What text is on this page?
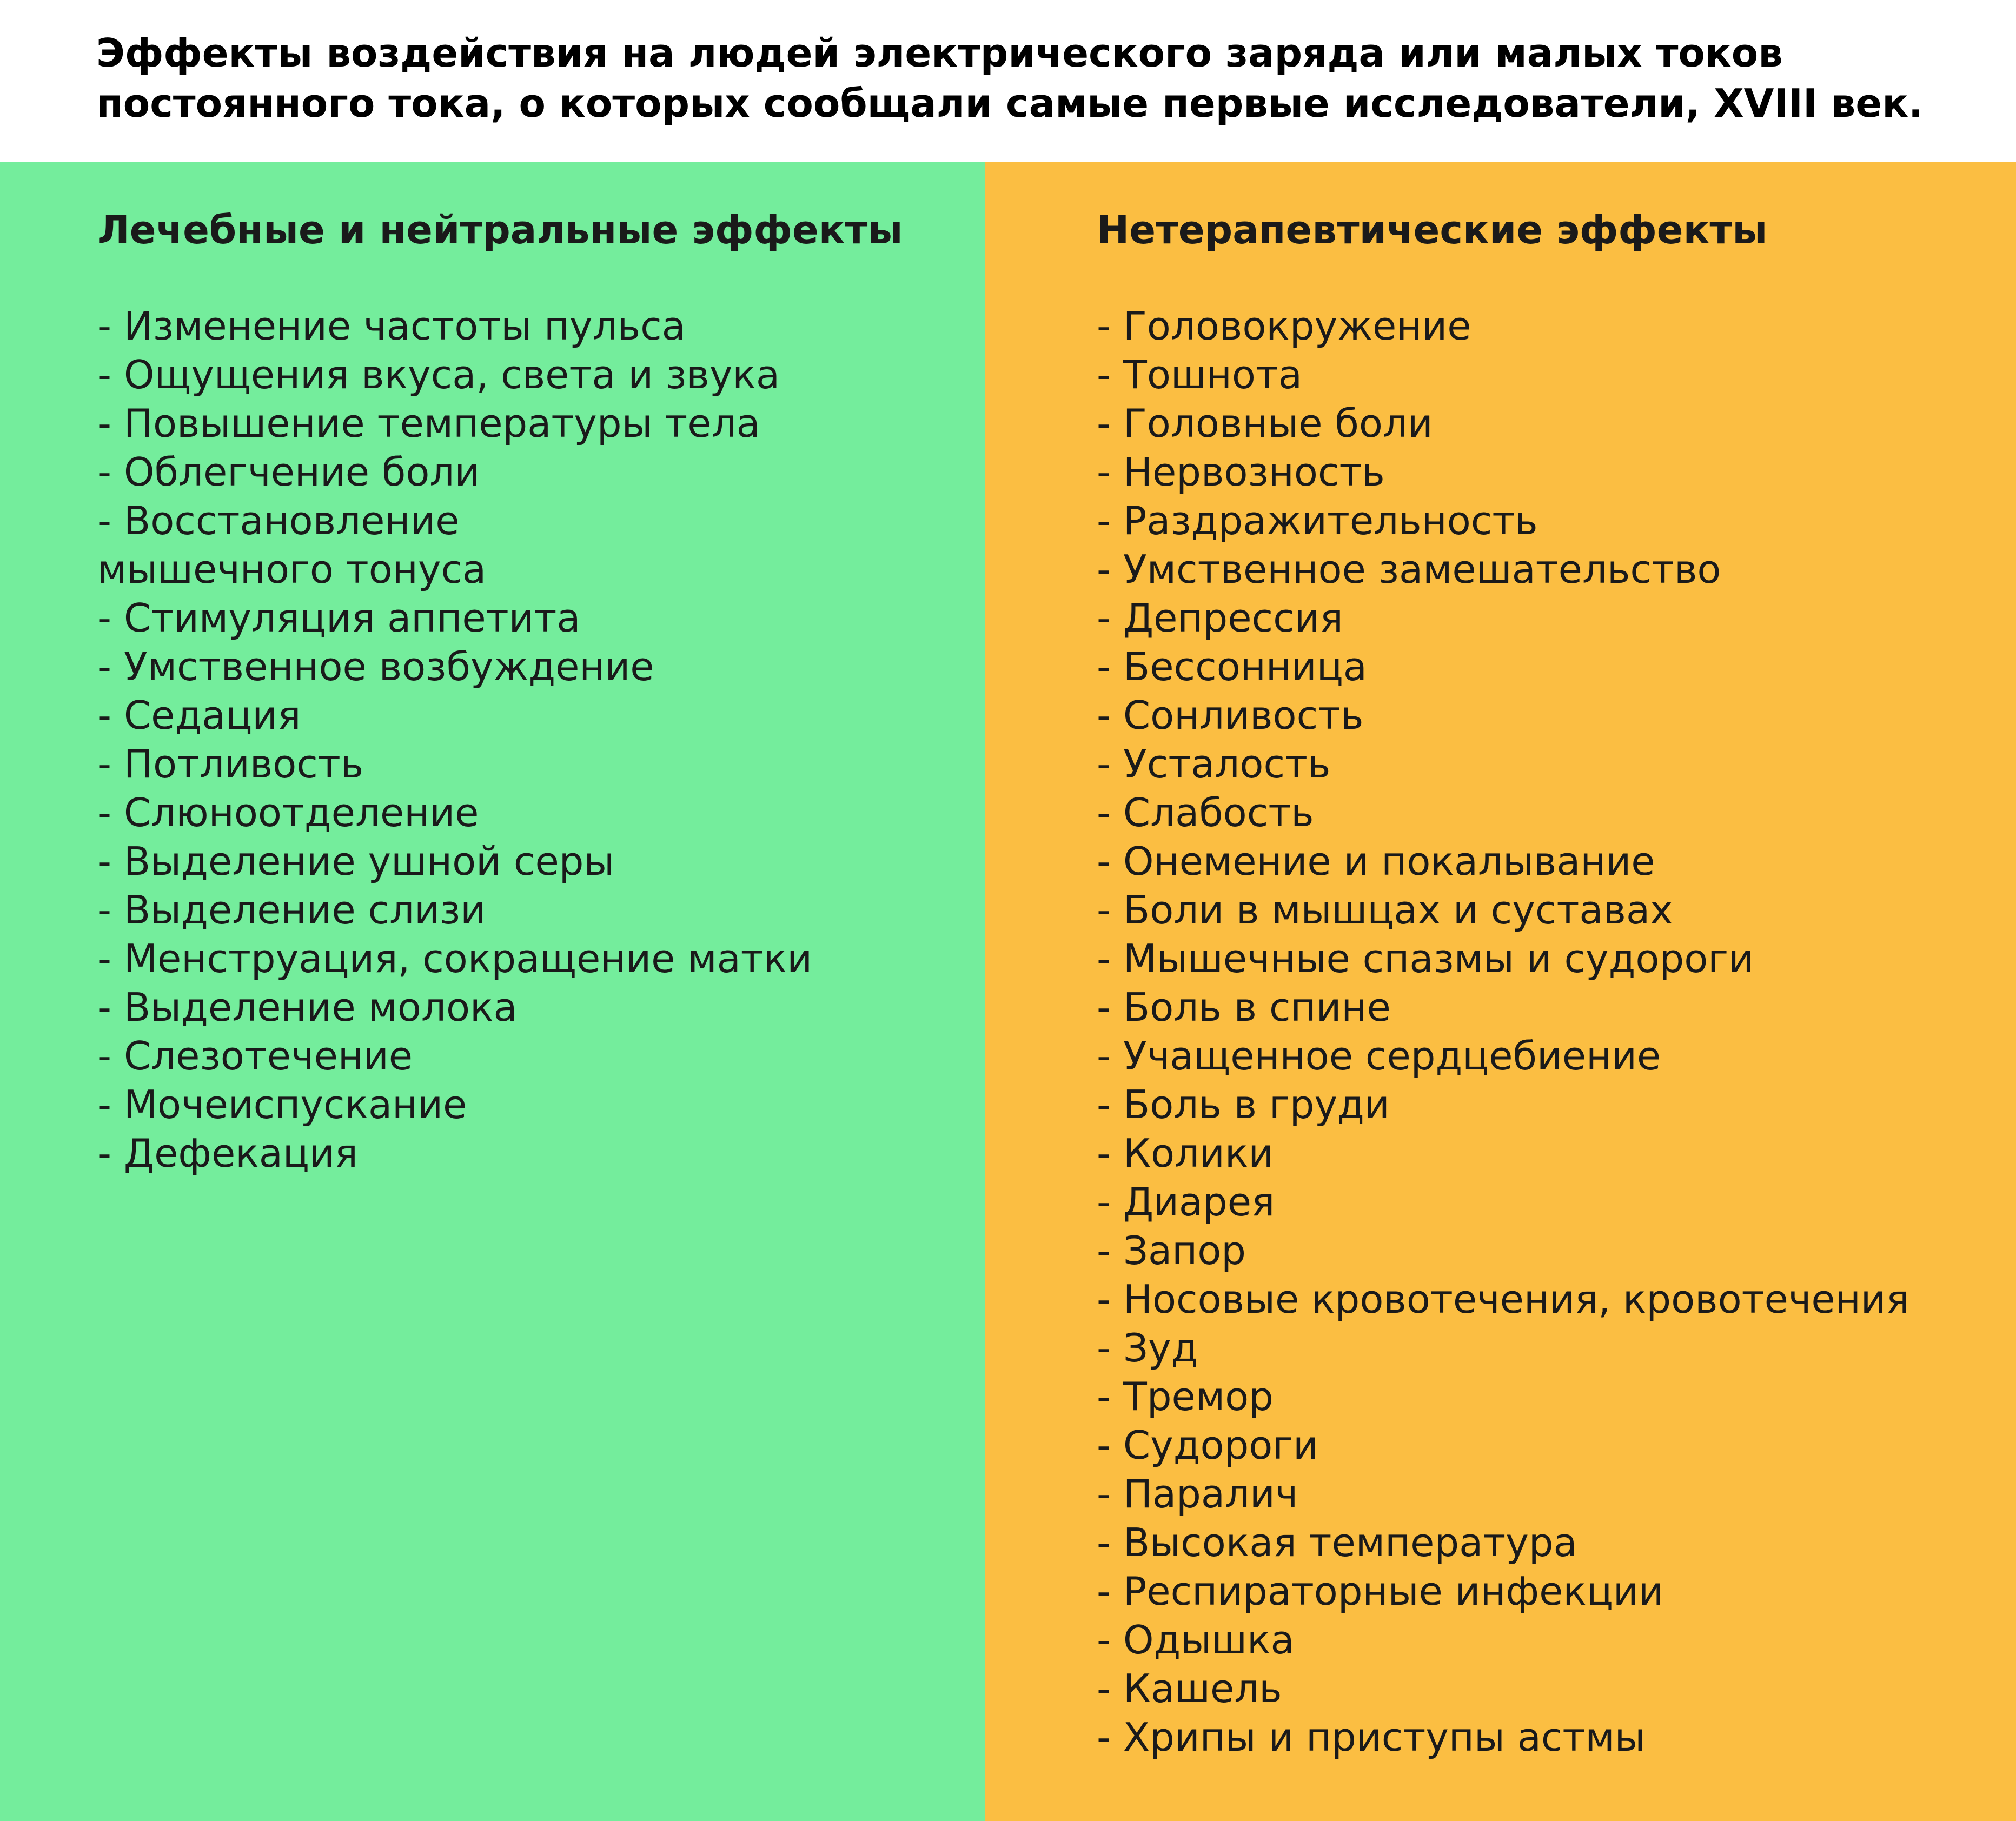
Эффекты воздействия на людей электрического заряда или малых токов
постоянного тока, о которых сообщали самые первые исследователи, XVIII век.
Лечебные и нейтральные эффекты
- Изменение частоты пульса
- Ощущения вкуса, света и звука
- Повышение температуры тела
- Облегчение боли
- Восстановление
мышечного тонуса
- Стимуляция аппетита
- Умственное возбуждение
- Седация
- Потливость
- Слюноотделение
- Выделение ушной серы
- Выделение слизи
- Менструация, сокращение матки
- Выделение молока
- Слезотечение
- Мочеиспускание
- Дефекация
Нетерапевтические эффекты
- Головокружение
- Тошнота
- Головные боли
- Нервозность
- Раздражительность
- Умственное замешательство
- Депрессия
- Бессонница
- Сонливость
- Усталость
- Слабость
- Онемение и покалывание
- Боли в мышцах и суставах
- Мышечные спазмы и судороги
- Боль в спине
- Учащенное сердцебиение
- Боль в груди
- Колики
- Диарея
- Запор
- Носовые кровотечения, кровотечения
- Зуд
- Тремор
- Судороги
- Паралич
- Высокая температура
- Респираторные инфекции
- Одышка
- Кашель
- Хрипы и приступы астмы
